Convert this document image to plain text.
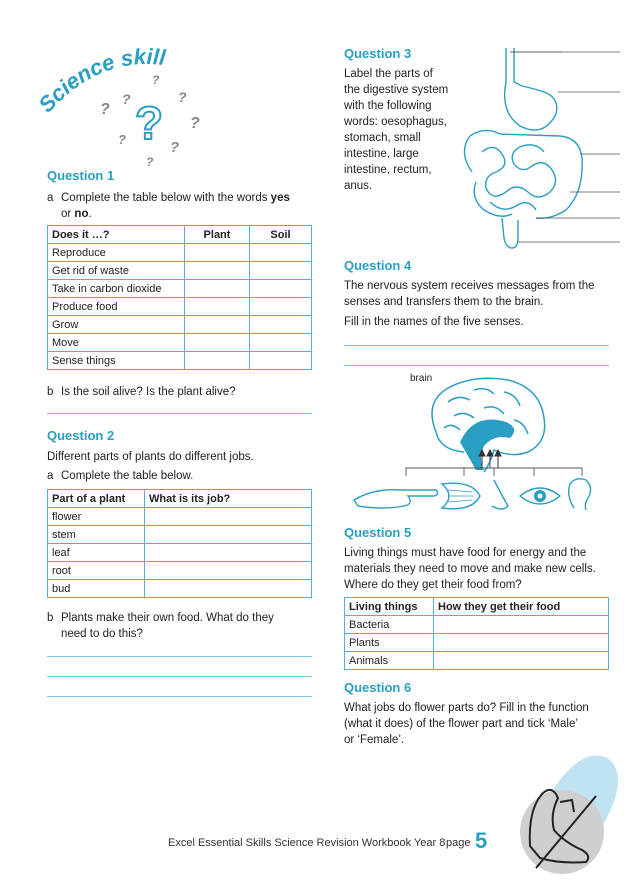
cience skill
?
?
?
?
?
?
?
?
?
Question 1
a Complete the table below with the words yes
or no.
Does it …?	Plant	Soil
Reproduce		
Get rid of waste		
Take in carbon dioxide		
Produce food		
Grow		
Move		
Sense things		
b Is the soil alive? Is the plant alive?
Question 2
Different parts of plants do different jobs.
a Complete the table below.
Part of a plant	What is its job?
flower	
stem	
leaf	
root	
bud	
b Plants make their own food. What do they
need to do this?
Question 3
Label the parts of
the digestive system
with the following
words: oesophagus,
stomach, small
intestine, large
intestine, rectum,
anus.
Question 4
The nervous system receives messages from the
senses and transfers them to the brain.
Fill in the names of the five senses.
brain
Question 5
Living things must have food for energy and the
materials they need to move and make new cells.
Where do they get their food from?
Living things	How they get their food
Bacteria	
Plants	
Animals	
Question 6
What jobs do flower parts do? Fill in the function
(what it does) of the flower part and tick ‘Male’
or ‘Female’.
Excel Essential Skills Science Revision Workbook Year 8 page 5
